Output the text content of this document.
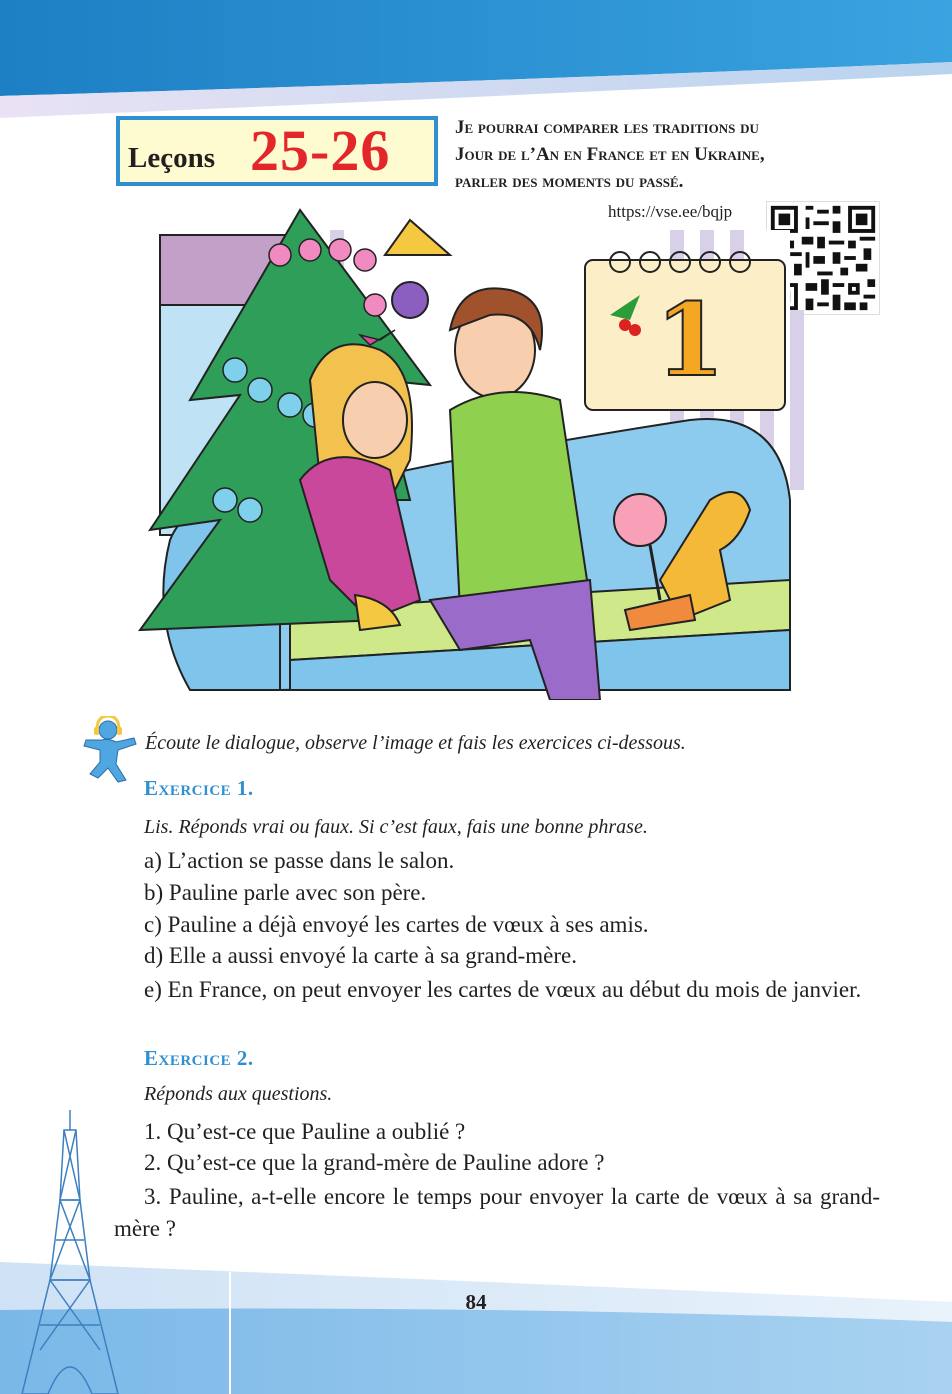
Leçons 25-26	Je pourrai comparer les traditions du
Jour de l’An en France et en Ukraine,
parler des moments du passé.
https://vse.ee/bqjp
1
Écoute le dialogue, observe l’image et fais les exercices ci-dessous.
Exercice 1.
Lis. Réponds vrai ou faux. Si c’est faux, fais une bonne phrase.
a) L’action se passe dans le salon.
b) Pauline parle avec son père.
c) Pauline a déjà envoyé les cartes de vœux à ses amis.
d) Elle a aussi envoyé la carte à sa grand-mère.
e) En France, on peut envoyer les cartes de vœux au début du mois de janvier.
Exercice 2.
Réponds aux questions.
1. Qu’est-ce que Pauline a oublié ?
2. Qu’est-ce que la grand-mère de Pauline adore ?
3. Pauline, a-t-elle encore le temps pour envoyer la carte de vœux à sa grand-mère ?
84
